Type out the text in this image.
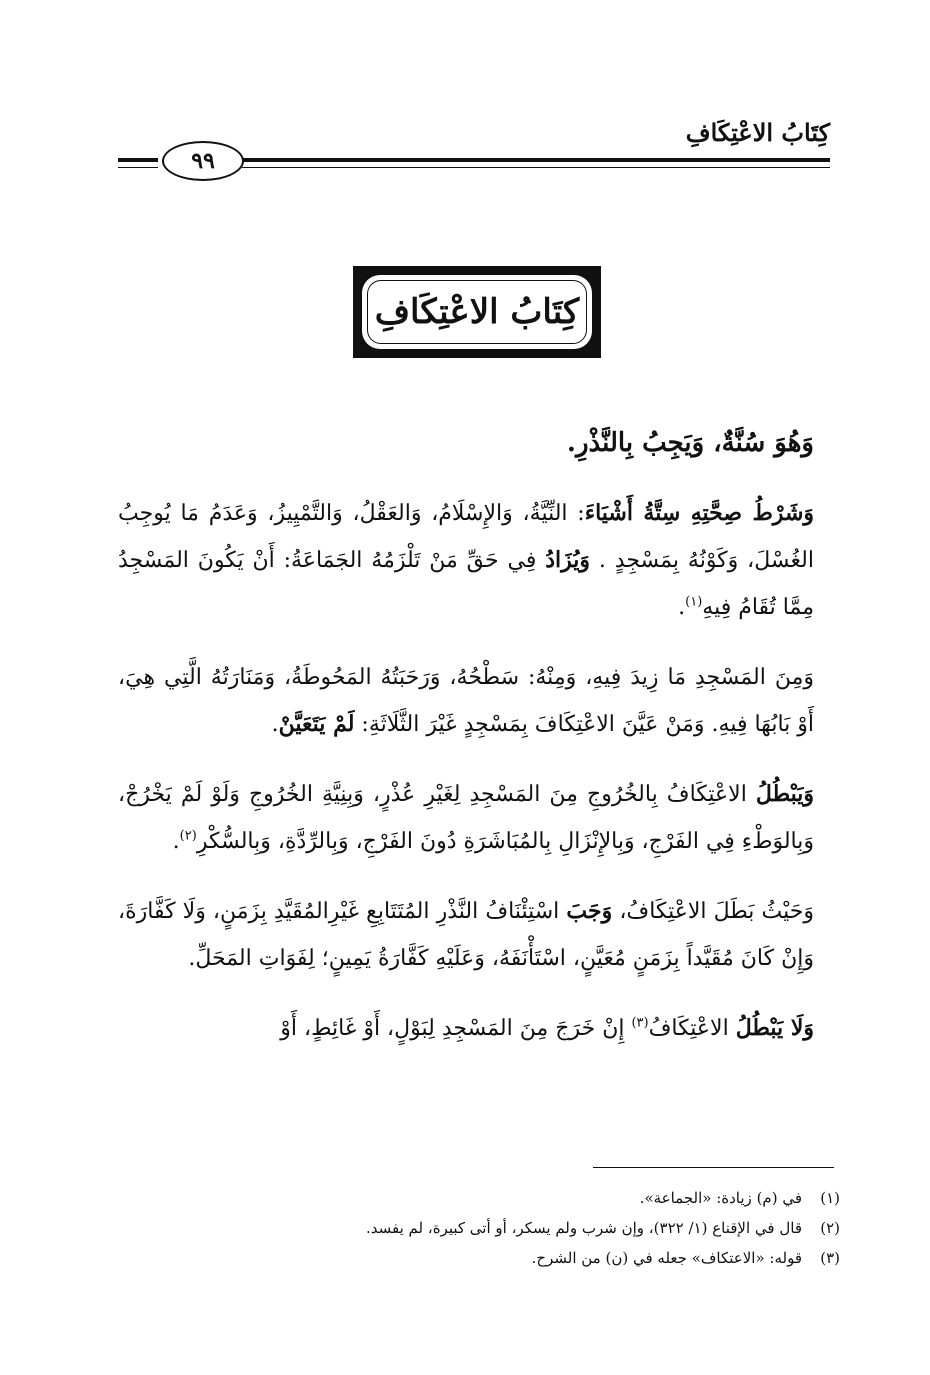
كِتَابُ الاعْتِكَافِ
٩٩
كِتَابُ الاعْتِكَافِ

وَهُوَ سُنَّةٌ، وَيَجِبُ بِالنَّذْرِ.

وَشَرْطُ صِحَّتِهِ سِتَّةُ أَشْيَاءَ: النِّيَّةُ، وَالإِسْلَامُ، وَالعَقْلُ، وَالتَّمْيِيزُ، وَعَدَمُ مَا يُوجِبُ الغُسْلَ، وَكَوْنُهُ بِمَسْجِدٍ . وَيُزَادُ فِي حَقِّ مَنْ تَلْزَمُهُ الجَمَاعَةُ: أَنْ يَكُونَ المَسْجِدُ مِمَّا تُقَامُ فِيهِ$^{(١)}$.

وَمِنَ المَسْجِدِ مَا زِيدَ فِيهِ، وَمِنْهُ: سَطْحُهُ، وَرَحَبَتُهُ المَحُوطَةُ، وَمَنَارَتُهُ الَّتِي هِيَ، أَوْ بَابُهَا فِيهِ. وَمَنْ عَيَّنَ الاعْتِكَافَ بِمَسْجِدٍ غَيْرَ الثَّلَاثَةِ: لَمْ يَتَعَيَّنْ.

وَيَبْطُلُ الاعْتِكَافُ بِالخُرُوجِ مِنَ المَسْجِدِ لِغَيْرِ عُذْرٍ، وَبِنِيَّةِ الخُرُوجِ وَلَوْ لَمْ يَخْرُجْ، وَبِالوَطْءِ فِي الفَرْجِ، وَبِالإِنْزَالِ بِالمُبَاشَرَةِ دُونَ الفَرْجِ، وَبِالرِّدَّةِ، وَبِالسُّكْرِ$^{(٢)}$.

وَحَيْثُ بَطَلَ الاعْتِكَافُ، وَجَبَ اسْتِئْنَافُ النَّذْرِ المُتَتَابِعِ غَيْرِالمُقَيَّدِ بِزَمَنٍ، وَلَا كَفَّارَةَ، وَإِنْ كَانَ مُقَيَّداً بِزَمَنٍ مُعَيَّنٍ، اسْتَأْنَفَهُ، وَعَلَيْهِ كَفَّارَةُ يَمِينٍ؛ لِفَوَاتِ المَحَلِّ.

وَلَا يَبْطُلُ الاعْتِكَافُ$^{(٣)}$ إِنْ خَرَجَ مِنَ المَسْجِدِ لِبَوْلٍ، أَوْ غَائِطٍ، أَوْ

(١)في (م) زيادة: «الجماعة».
(٢)قال في الإقناع (١/ ٣٢٢)، وإن شرب ولم يسكر، أو أتى كبيرة، لم يفسد.
(٣)قوله: «الاعتكاف» جعله في (ن) من الشرح.
